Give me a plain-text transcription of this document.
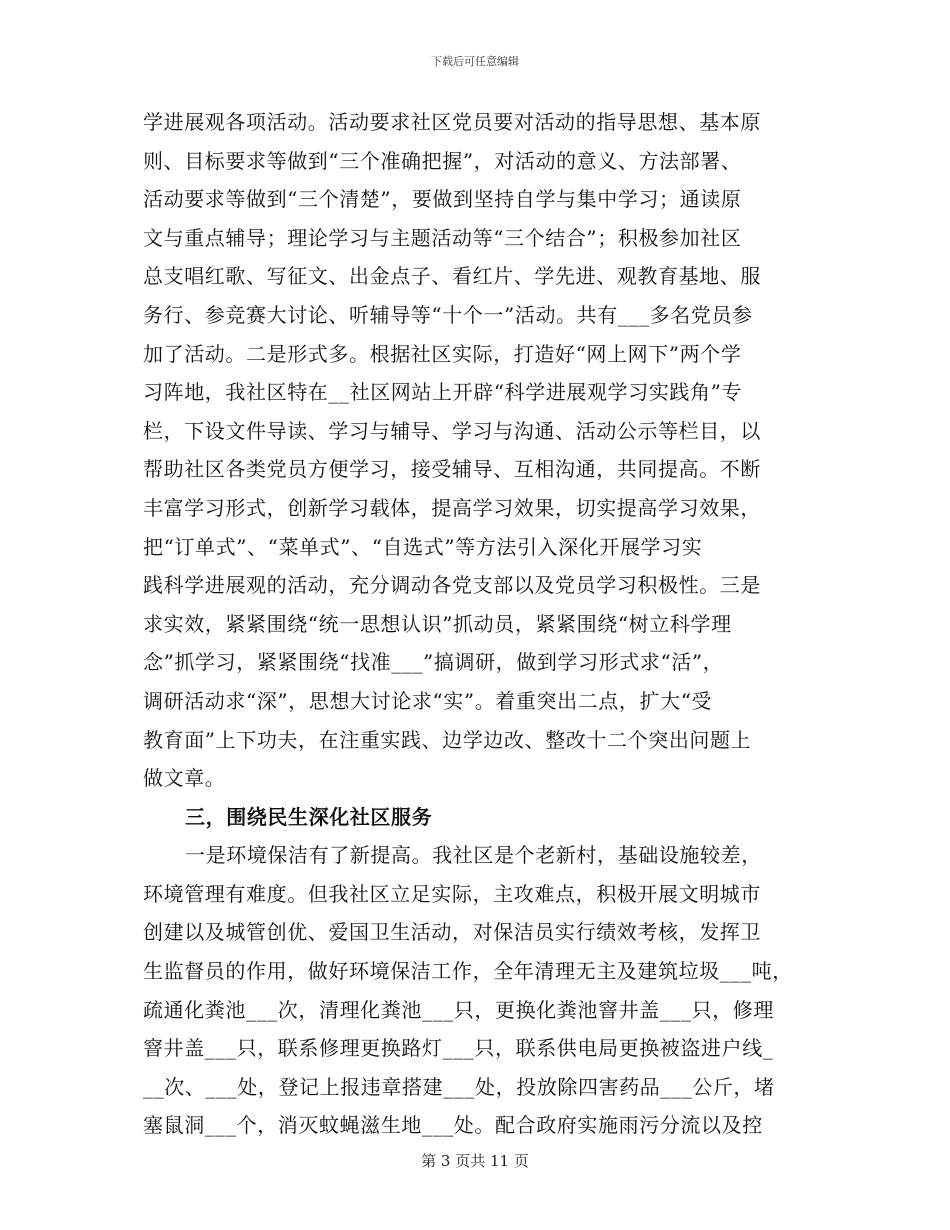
下载后可任意编辑
学进展观各项活动。活动要求社区党员要对活动的指导思想、基本原
则、目标要求等做到“三个准确把握”，对活动的意义、方法部署、
活动要求等做到“三个清楚”，要做到坚持自学与集中学习；通读原
文与重点辅导；理论学习与主题活动等“三个结合”；积极参加社区
总支唱红歌、写征文、出金点子、看红片、学先进、观教育基地、服
务行、参竞赛大讨论、听辅导等“十个一”活动。共有___多名党员参
加了活动。二是形式多。根据社区实际，打造好“网上网下”两个学
习阵地，我社区特在__社区网站上开辟“科学进展观学习实践角”专
栏，下设文件导读、学习与辅导、学习与沟通、活动公示等栏目，以
帮助社区各类党员方便学习，接受辅导、互相沟通，共同提高。不断
丰富学习形式，创新学习载体，提高学习效果，切实提高学习效果，
把“订单式”、“菜单式”、“自选式”等方法引入深化开展学习实
践科学进展观的活动，充分调动各党支部以及党员学习积极性。三是
求实效，紧紧围绕“统一思想认识”抓动员，紧紧围绕“树立科学理
念”抓学习，紧紧围绕“找准___”搞调研，做到学习形式求“活”，
调研活动求“深”，思想大讨论求“实”。着重突出二点，扩大“受
教育面”上下功夫，在注重实践、边学边改、整改十二个突出问题上
做文章。
三，围绕民生深化社区服务
一是环境保洁有了新提高。我社区是个老新村，基础设施较差，
环境管理有难度。但我社区立足实际，主攻难点，积极开展文明城市
创建以及城管创优、爱国卫生活动，对保洁员实行绩效考核，发挥卫
生监督员的作用，做好环境保洁工作，全年清理无主及建筑垃圾___吨，
疏通化粪池___次，清理化粪池___只，更换化粪池窨井盖___只，修理
窨井盖___只，联系修理更换路灯___只，联系供电局更换被盗进户线_
__次、___处，登记上报违章搭建___处，投放除四害药品___公斤，堵
塞鼠洞___个，消灭蚊蝇滋生地___处。配合政府实施雨污分流以及控
第 3 页共 11 页
